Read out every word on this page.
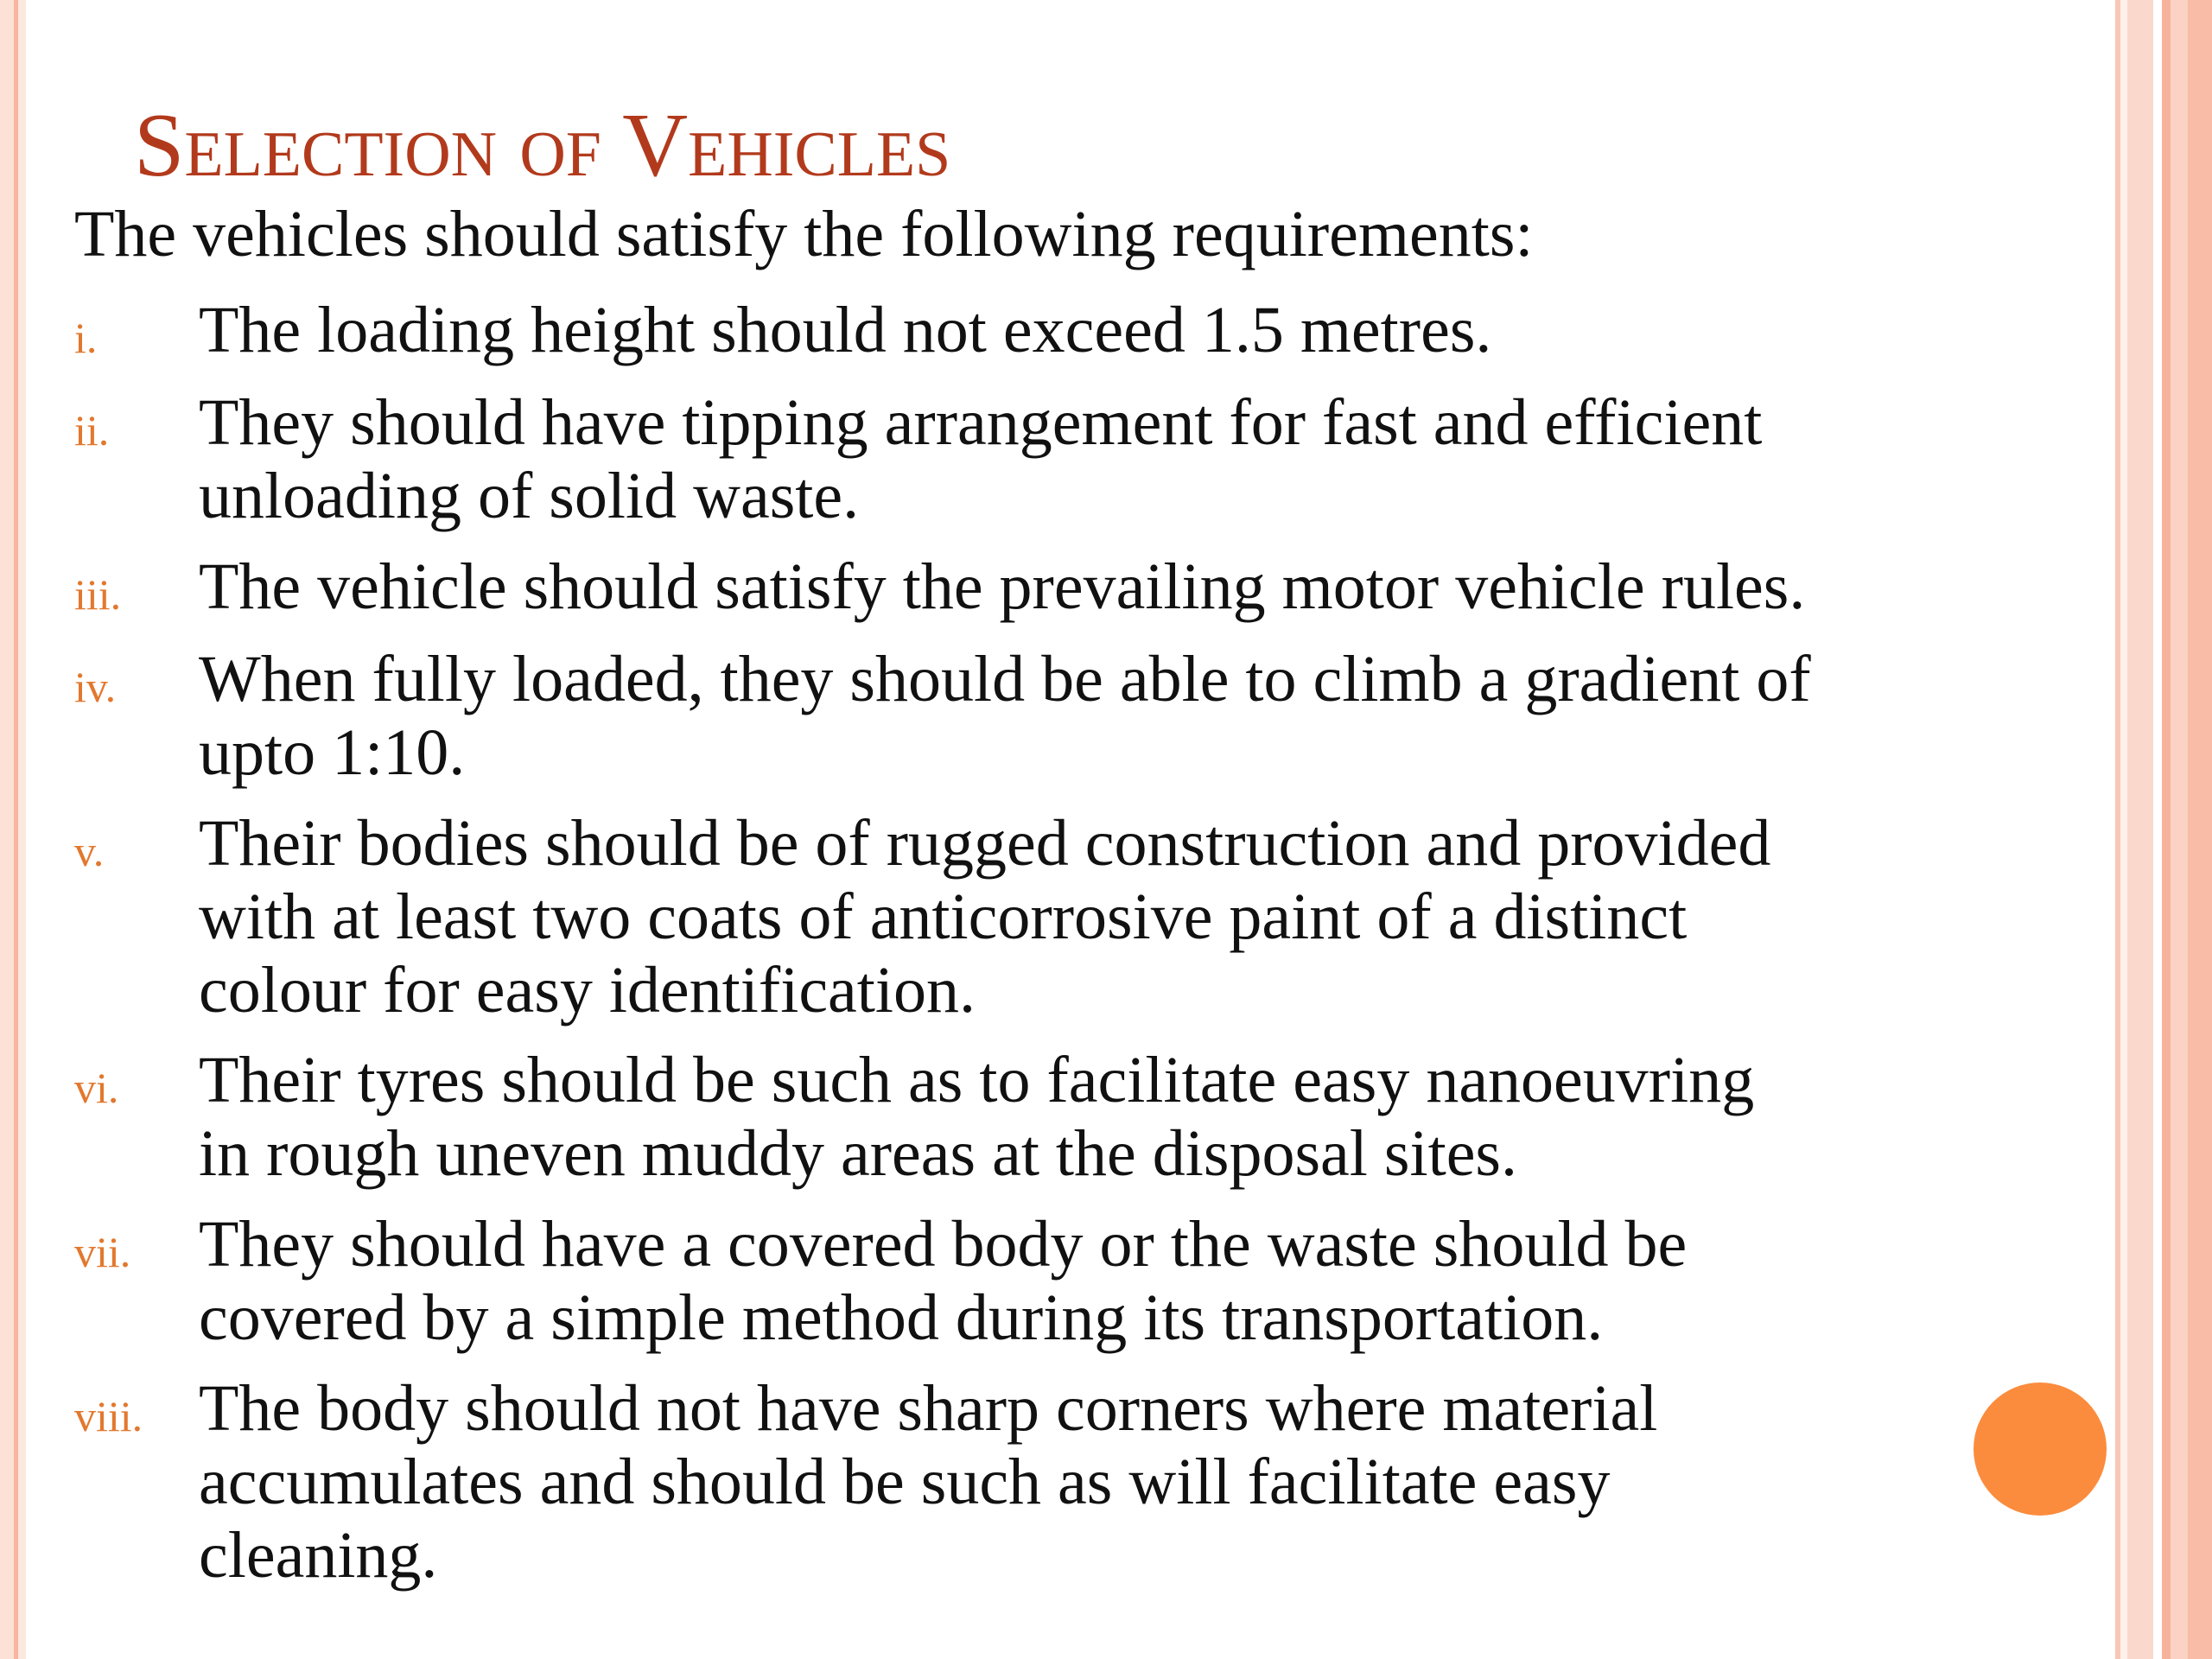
Selection of Vehicles

The vehicles should satisfy the following requirements:

i. The loading height should not exceed 1.5 metres.

ii. They should have tipping arrangement for fast and efficient
unloading of solid waste.

iii. The vehicle should satisfy the prevailing motor vehicle rules.

iv. When fully loaded, they should be able to climb a gradient of
upto 1:10.

v. Their bodies should be of rugged construction and provided
with at least two coats of anticorrosive paint of a distinct
colour for easy identification.

vi. Their tyres should be such as to facilitate easy nanoeuvring
in rough uneven muddy areas at the disposal sites.

vii. They should have a covered body or the waste should be
covered by a simple method during its transportation.

viii. The body should not have sharp corners where material
accumulates and should be such as will facilitate easy
cleaning.
